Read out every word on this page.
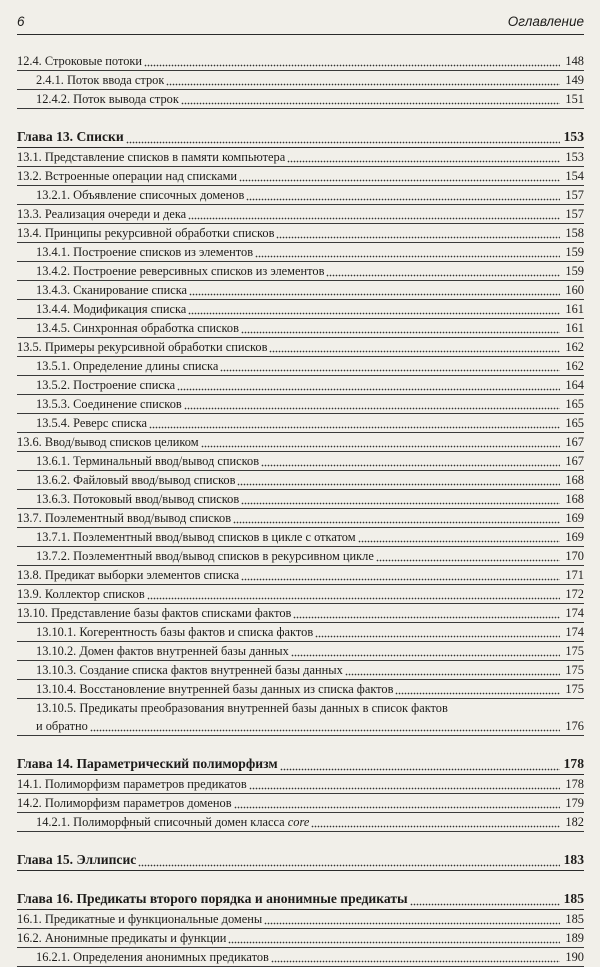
6	Оглавление
12.4. Строковые потоки	148
2.4.1. Поток ввода строк	149
12.4.2. Поток вывода строк	151
Глава 13. Списки	153
13.1. Представление списков в памяти компьютера	153
13.2. Встроенные операции над списками	154
13.2.1. Объявление списочных доменов	157
13.3. Реализация очереди и дека	157
13.4. Принципы рекурсивной обработки списков	158
13.4.1. Построение списков из элементов	159
13.4.2. Построение реверсивных списков из элементов	159
13.4.3. Сканирование списка	160
13.4.4. Модификация списка	161
13.4.5. Синхронная обработка списков	161
13.5. Примеры рекурсивной обработки списков	162
13.5.1. Определение длины списка	162
13.5.2. Построение списка	164
13.5.3. Соединение списков	165
13.5.4. Реверс списка	165
13.6. Ввод/вывод списков целиком	167
13.6.1. Терминальный ввод/вывод списков	167
13.6.2. Файловый ввод/вывод списков	168
13.6.3. Потоковый ввод/вывод списков	168
13.7. Поэлементный ввод/вывод списков	169
13.7.1. Поэлементный ввод/вывод списков в цикле с откатом	169
13.7.2. Поэлементный ввод/вывод списков в рекурсивном цикле	170
13.8. Предикат выборки элементов списка	171
13.9. Коллектор списков	172
13.10. Представление базы фактов списками фактов	174
13.10.1. Когерентность базы фактов и списка фактов	174
13.10.2. Домен фактов внутренней базы данных	175
13.10.3. Создание списка фактов внутренней базы данных	175
13.10.4. Восстановление внутренней базы данных из списка фактов	175
13.10.5. Предикаты преобразования внутренней базы данных в список фактов
и обратно	176
Глава 14. Параметрический полиморфизм	178
14.1. Полиморфизм параметров предикатов	178
14.2. Полиморфизм параметров доменов	179
14.2.1. Полиморфный списочный домен класса core	182
Глава 15. Эллипсис	183
Глава 16. Предикаты второго порядка и анонимные предикаты	185
16.1. Предикатные и функциональные домены	185
16.2. Анонимные предикаты и функции	189
16.2.1. Определения анонимных предикатов	190
